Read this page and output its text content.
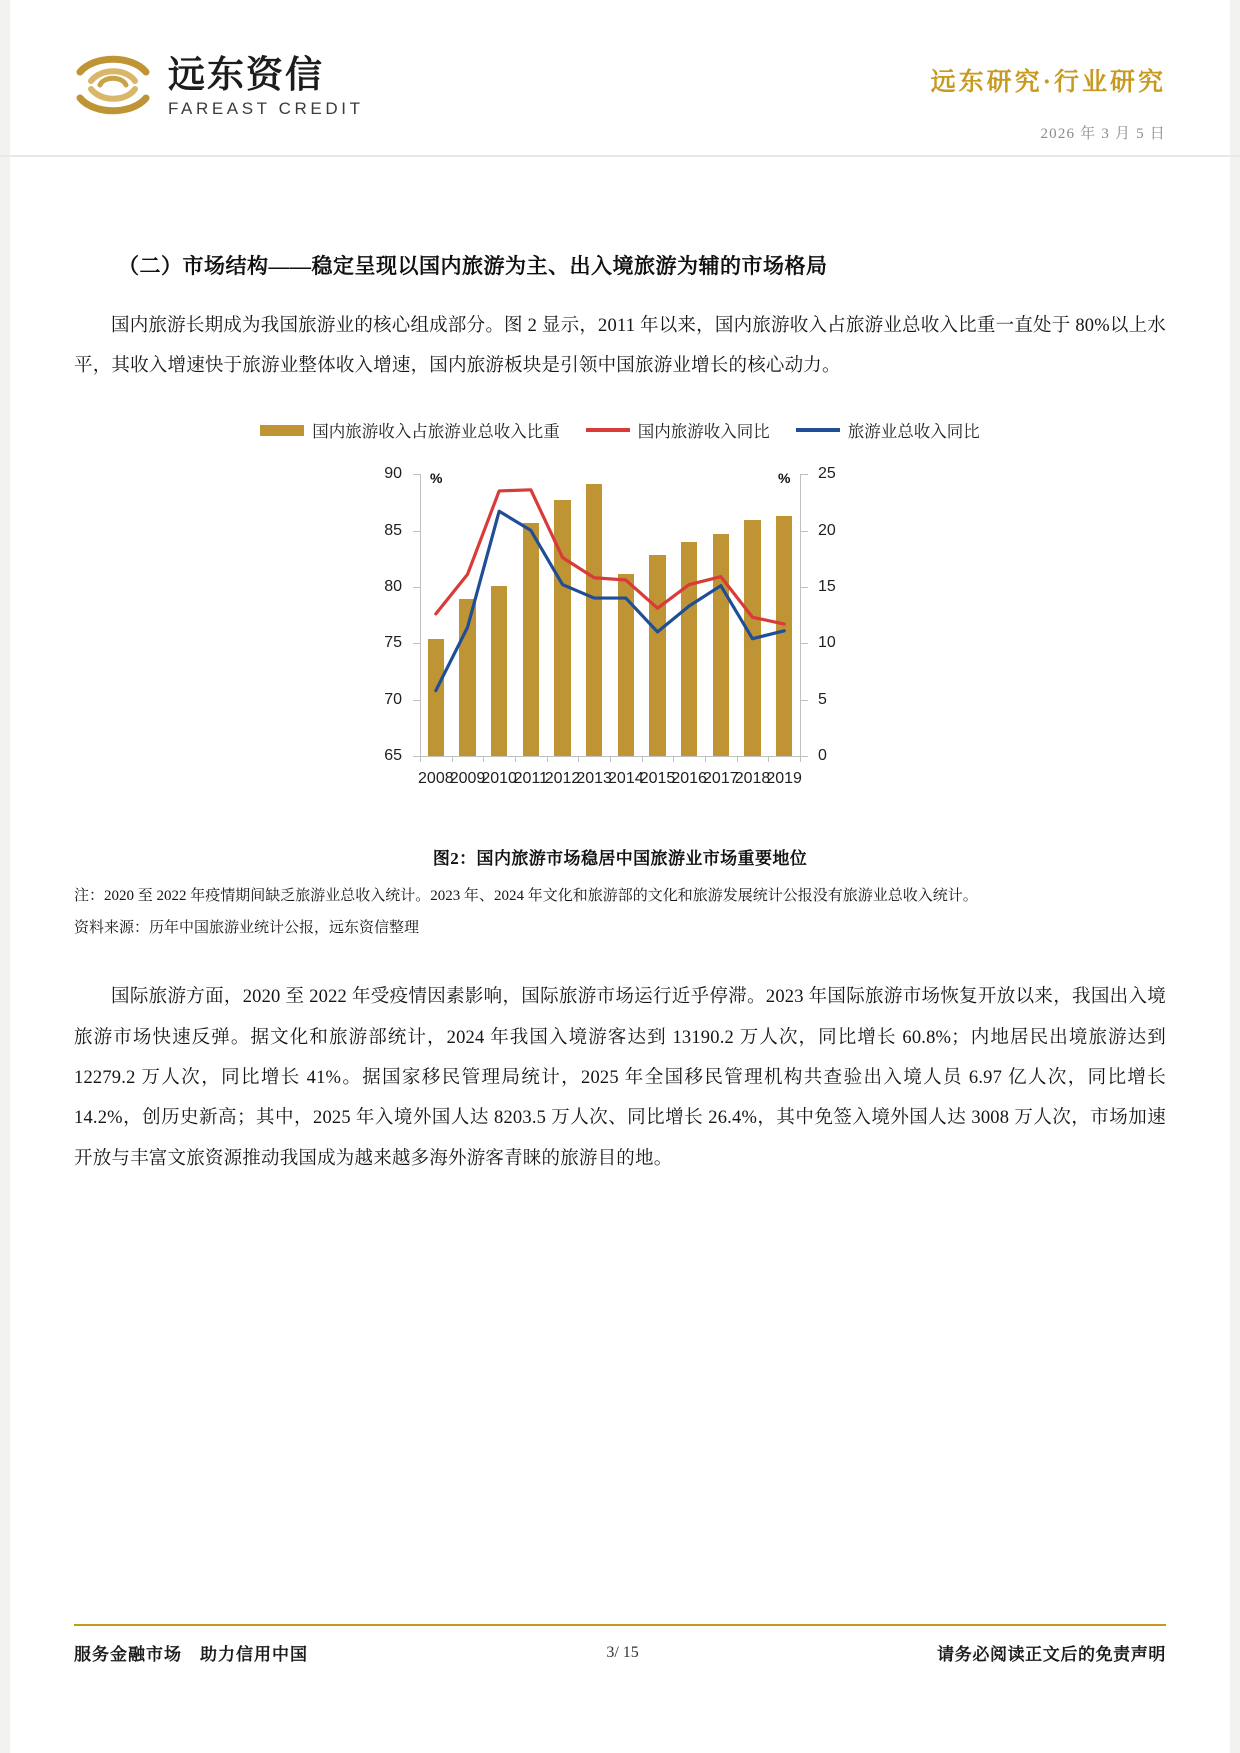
远东资信
FAREAST CREDIT
远东研究·行业研究
2026 年 3 月 5 日
（二）市场结构——稳定呈现以国内旅游为主、出入境旅游为辅的市场格局
国内旅游长期成为我国旅游业的核心组成部分。图 2 显示，2011 年以来，国内旅游收入占旅游业总收入比重一直处于 80%以上水平，其收入增速快于旅游业整体收入增速，国内旅游板块是引领中国旅游业增长的核心动力。
国内旅游收入占旅游业总收入比重	国内旅游收入同比	旅游业总收入同比
65
70
75
80
85
90
0
5
10
15
20
25
%	%
2008
2009
2010
2011
2012
2013
2014
2015
2016
2017
2018
2019
图2：国内旅游市场稳居中国旅游业市场重要地位
注：2020 至 2022 年疫情期间缺乏旅游业总收入统计。2023 年、2024 年文化和旅游部的文化和旅游发展统计公报没有旅游业总收入统计。
资料来源：历年中国旅游业统计公报，远东资信整理
国际旅游方面，2020 至 2022 年受疫情因素影响，国际旅游市场运行近乎停滞。2023 年国际旅游市场恢复开放以来，我国出入境旅游市场快速反弹。据文化和旅游部统计，2024 年我国入境游客达到 13190.2 万人次，同比增长 60.8%；内地居民出境旅游达到 12279.2 万人次，同比增长 41%。据国家移民管理局统计，2025 年全国移民管理机构共查验出入境人员 6.97 亿人次，同比增长 14.2%，创历史新高；其中，2025 年入境外国人达 8203.5 万人次、同比增长 26.4%，其中免签入境外国人达 3008 万人次，市场加速开放与丰富文旅资源推动我国成为越来越多海外游客青睐的旅游目的地。
服务金融市场　助力信用中国	3/ 15	请务必阅读正文后的免责声明
